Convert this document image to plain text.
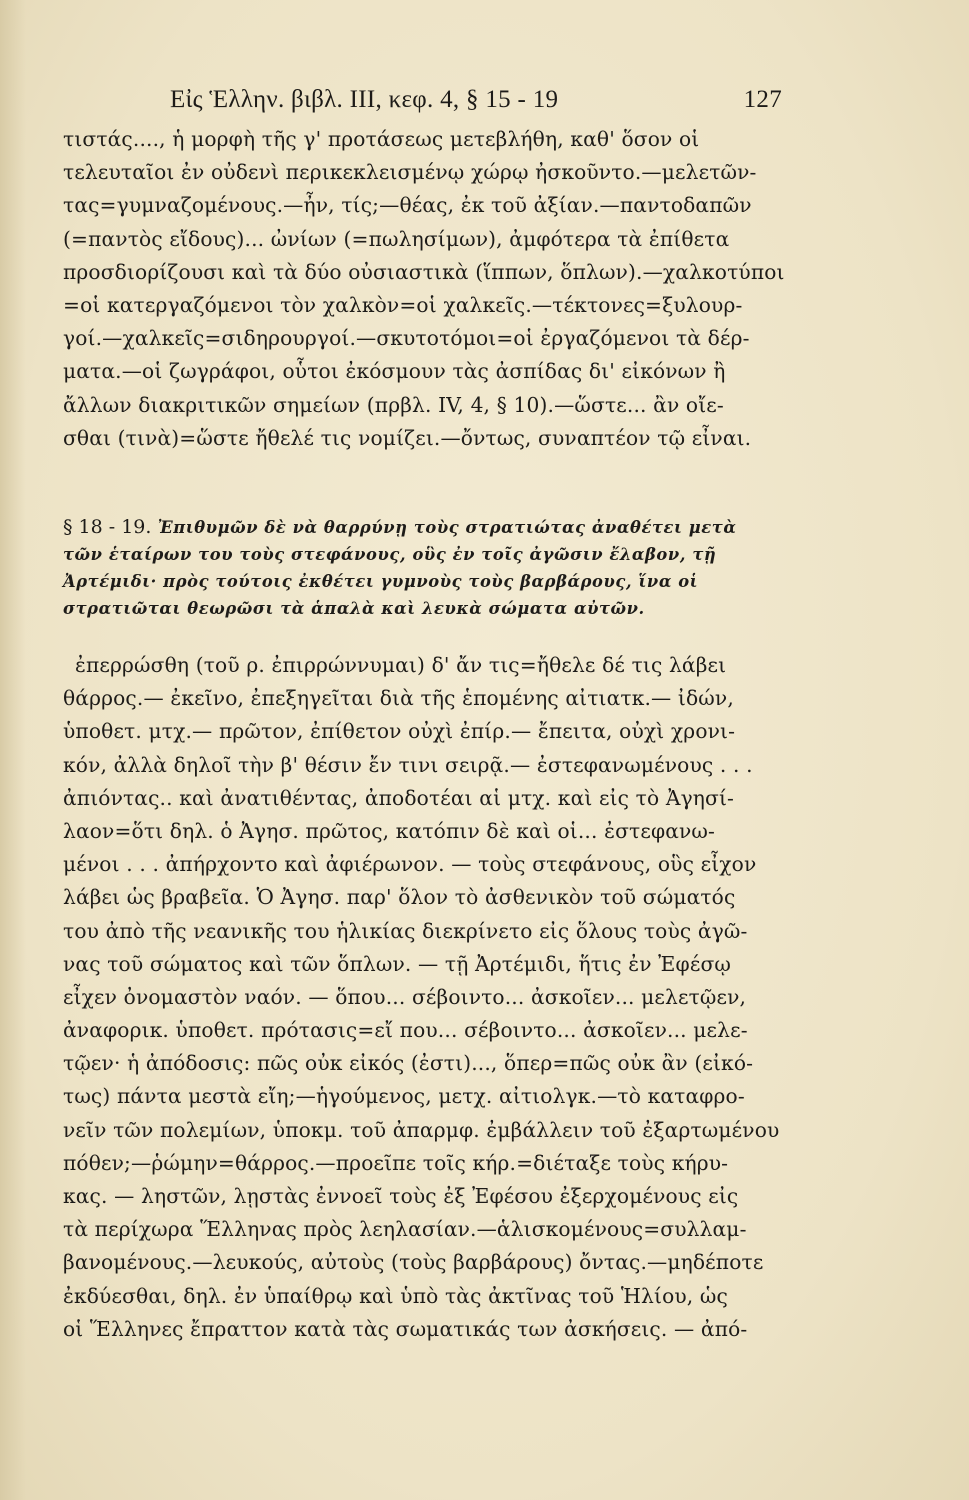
Εἰς Ἑλλην. βιβλ. III, κεφ. 4, § 15 - 19	127
τιστάς...., ἡ μορφὴ τῆς γ' προτάσεως μετεβλήθη, καθ' ὅσον οἱ
τελευταῖοι ἐν οὐδενὶ περικεκλεισμένῳ χώρῳ ἠσκοῦντο.—μελετῶν-
τας=γυμναζομένους.—ἦν, τίς;—θέας, ἐκ τοῦ ἀξίαν.—παντοδαπῶν
(=παντὸς εἴδους)... ὠνίων (=πωλησίμων), ἀμφότερα τὰ ἐπίθετα
προσδιορίζουσι καὶ τὰ δύο οὐσιαστικὰ (ἵππων, ὅπλων).—χαλκοτύποι
=οἱ κατεργαζόμενοι τὸν χαλκὸν=οἱ χαλκεῖς.—τέκτονες=ξυλουρ-
γοί.—χαλκεῖς=σιδηρουργοί.—σκυτοτόμοι=οἱ ἐργαζόμενοι τὰ δέρ-
ματα.—οἱ ζωγράφοι, οὗτοι ἐκόσμουν τὰς ἀσπίδας δι' εἰκόνων ἢ
ἄλλων διακριτικῶν σημείων (πρβλ. IV, 4, § 10).—ὥστε... ἂν οἴε-
σθαι (τινὰ)=ὥστε ἤθελέ τις νομίζει.—ὄντως, συναπτέον τῷ εἶναι.
§ 18 - 19. Ἐπιθυμῶν δὲ νὰ θαρρύνῃ τοὺς στρατιώτας ἀναθέτει μετὰ
τῶν ἑταίρων του τοὺς στεφάνους, οὓς ἐν τοῖς ἀγῶσιν ἔλαβον, τῇ
Ἀρτέμιδι· πρὸς τούτοις ἐκθέτει γυμνοὺς τοὺς βαρβάρους, ἵνα οἱ
στρατιῶται θεωρῶσι τὰ ἁπαλὰ καὶ λευκὰ σώματα αὐτῶν.
ἐπερρώσθη (τοῦ ρ. ἐπιρρώννυμαι) δ' ἄν τις=ἤθελε δέ τις λάβει
θάρρος.— ἐκεῖνο, ἐπεξηγεῖται διὰ τῆς ἑπομένης αἰτιατκ.— ἰδών,
ὑποθετ. μτχ.— πρῶτον, ἐπίθετον οὐχὶ ἐπίρ.— ἔπειτα, οὐχὶ χρονι-
κόν, ἀλλὰ δηλοῖ τὴν β' θέσιν ἔν τινι σειρᾷ.— ἐστεφανωμένους . . .
ἀπιόντας.. καὶ ἀνατιθέντας, ἀποδοτέαι αἱ μτχ. καὶ εἰς τὸ Ἀγησί-
λαον=ὅτι δηλ. ὁ Ἀγησ. πρῶτος, κατόπιν δὲ καὶ οἱ... ἐστεφανω-
μένοι . . . ἀπήρχοντο καὶ ἀφιέρωνον. — τοὺς στεφάνους, οὓς εἶχον
λάβει ὡς βραβεῖα. Ὁ Ἀγησ. παρ' ὅλον τὸ ἀσθενικὸν τοῦ σώματός
του ἀπὸ τῆς νεανικῆς του ἡλικίας διεκρίνετο εἰς ὅλους τοὺς ἀγῶ-
νας τοῦ σώματος καὶ τῶν ὅπλων. — τῇ Ἀρτέμιδι, ἥτις ἐν Ἐφέσῳ
εἶχεν ὀνομαστὸν ναόν. — ὅπου... σέβοιντο... ἀσκοῖεν... μελετῷεν,
ἀναφορικ. ὑποθετ. πρότασις=εἴ που... σέβοιντο... ἀσκοῖεν... μελε-
τῷεν· ἡ ἀπόδοσις: πῶς οὐκ εἰκός (ἐστι)..., ὅπερ=πῶς οὐκ ἂν (εἰκό-
τως) πάντα μεστὰ εἴη;—ἡγούμενος, μετχ. αἰτιολγκ.—τὸ καταφρο-
νεῖν τῶν πολεμίων, ὑποκμ. τοῦ ἀπαρμφ. ἐμβάλλειν τοῦ ἐξαρτωμένου
πόθεν;—ῥώμην=θάρρος.—προεῖπε τοῖς κήρ.=διέταξε τοὺς κήρυ-
κας. — ληστῶν, λῃστὰς ἐννοεῖ τοὺς ἐξ Ἐφέσου ἐξερχομένους εἰς
τὰ περίχωρα Ἕλληνας πρὸς λεηλασίαν.—ἁλισκομένους=συλλαμ-
βανομένους.—λευκούς, αὐτοὺς (τοὺς βαρβάρους) ὄντας.—μηδέποτε
ἐκδύεσθαι, δηλ. ἐν ὑπαίθρῳ καὶ ὑπὸ τὰς ἀκτῖνας τοῦ Ἡλίου, ὡς
οἱ Ἕλληνες ἔπραττον κατὰ τὰς σωματικάς των ἀσκήσεις. — ἀπό-
